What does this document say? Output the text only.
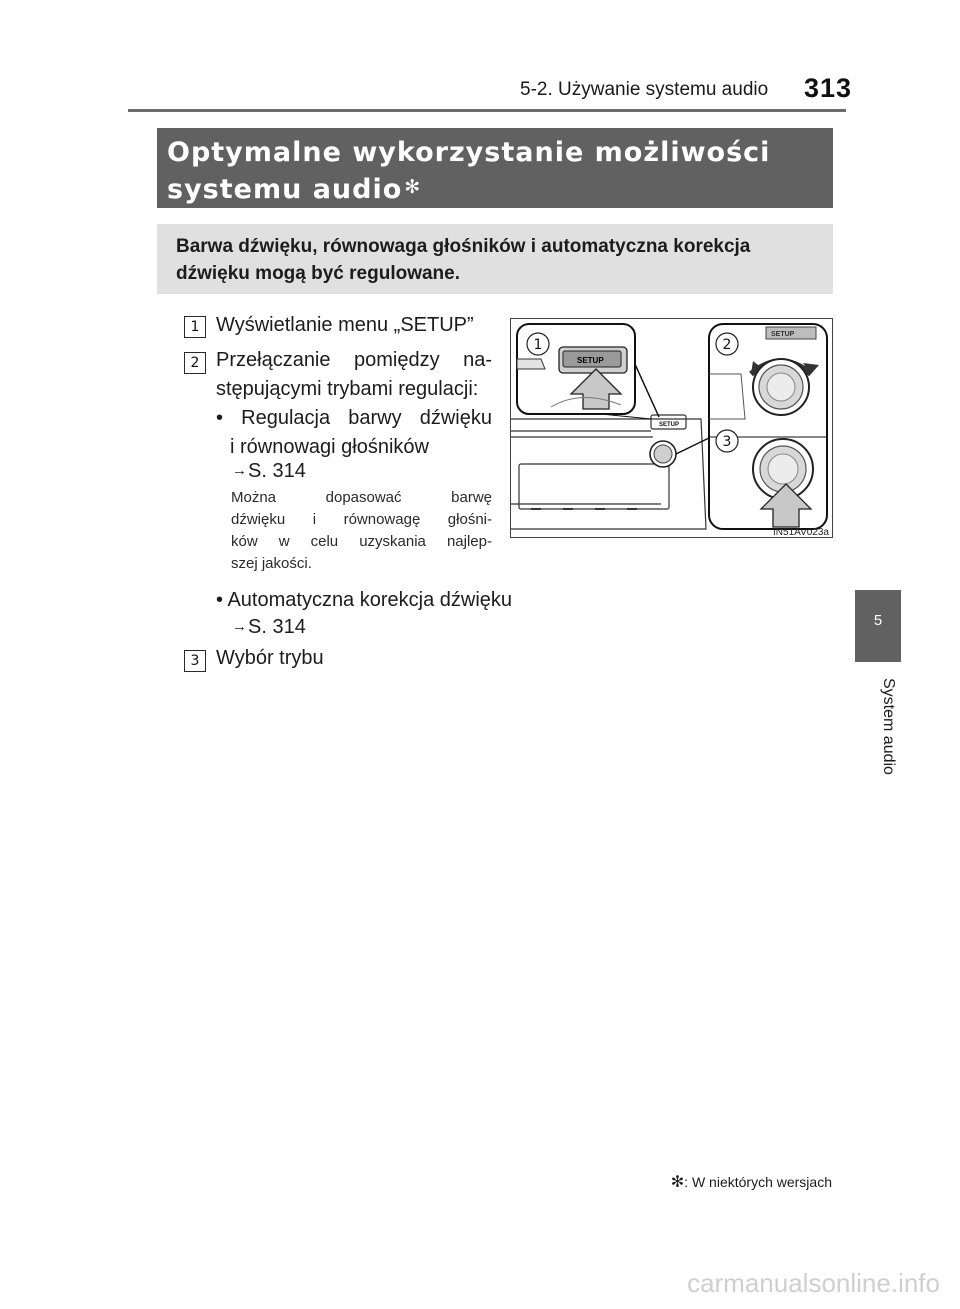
5-2. Używanie systemu audio 313
Optymalne wykorzystanie możliwości
systemu audio ✻
Barwa dźwięku, równowaga głośników i automatyczna korekcja
dźwięku mogą być regulowane.
1 Wyświetlanie menu „SETUP”
2 Przełączanie pomiędzy na-
stępującymi trybami regulacji:
• Regulacja barwy dźwięku
i równowagi głośników
→S. 314
Można dopasować barwę
dźwięku i równowagę głośni-
ków w celu uzyskania najlep-
szej jakości.
• Automatyczna korekcja dźwięku
→S. 314
3 Wybór trybu
SETUP
SETUP
1
SETUP
2
3
IN51AV023a
5
System audio
✻: W niektórych wersjach
carmanualsonline.info
